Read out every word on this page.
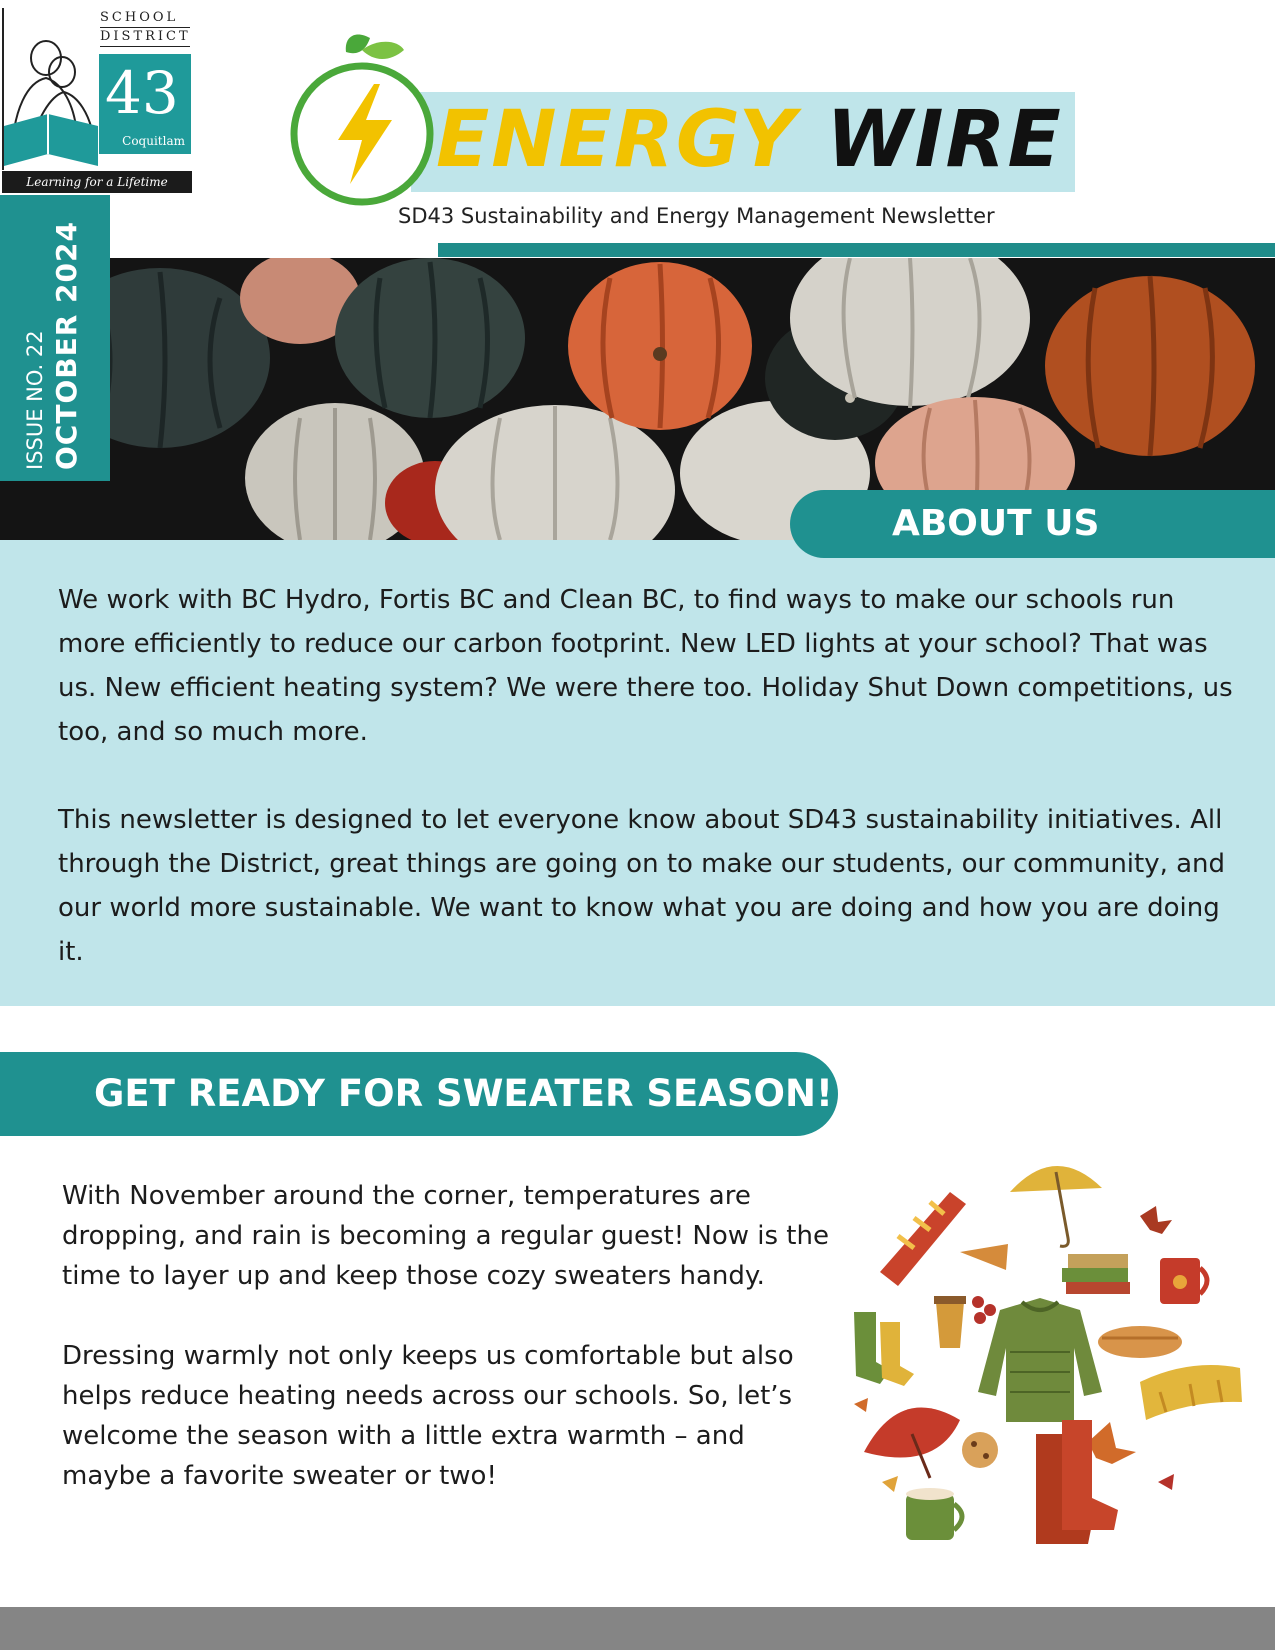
SCHOOL
DISTRICT
43
Coquitlam
Learning for a Lifetime	ENERGY WIRE
SD43 Sustainability and Energy Management Newsletter
ISSUE NO. 22 OCTOBER 2024

We work with BC Hydro, Fortis BC and Clean BC, to find ways to make our schools run more efficiently to reduce our carbon footprint. New LED lights at your school? That was us. New efficient heating system? We were there too. Holiday Shut Down competitions, us too, and so much more.

This newsletter is designed to let everyone know about SD43 sustainability initiatives. All through the District, great things are going on to make our students, our community, and our world more sustainable. We want to know what you are doing and how you are doing it.

ABOUT US
GET READY FOR SWEATER SEASON!

With November around the corner, temperatures are dropping, and rain is becoming a regular guest! Now is the time to layer up and keep those cozy sweaters handy.

Dressing warmly not only keeps us comfortable but also helps reduce heating needs across our schools. So, let’s welcome the season with a little extra warmth – and maybe a favorite sweater or two!
